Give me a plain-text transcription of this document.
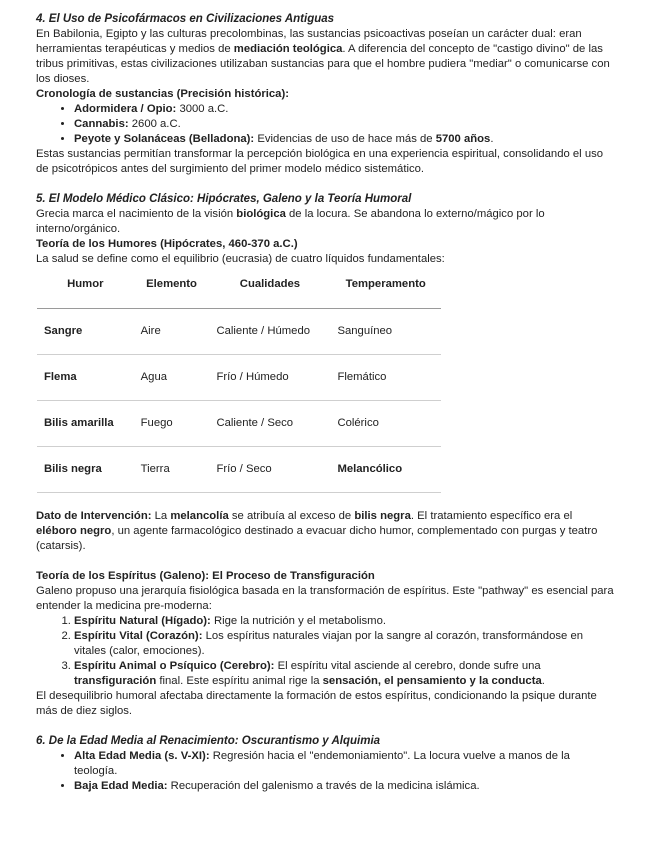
4. El Uso de Psicofármacos en Civilizaciones Antiguas

En Babilonia, Egipto y las culturas precolombinas, las sustancias psicoactivas poseían un carácter dual: eran herramientas terapéuticas y medios de mediación teológica. A diferencia del concepto de "castigo divino" de las tribus primitivas, estas civilizaciones utilizaban sustancias para que el hombre pudiera "mediar" o comunicarse con los dioses.

Cronología de sustancias (Precisión histórica):

• Adormidera / Opio: 3000 a.C.
• Cannabis: 2600 a.C.
• Peyote y Solanáceas (Belladona): Evidencias de uso de hace más de 5700 años.

Estas sustancias permitían transformar la percepción biológica en una experiencia espiritual, consolidando el uso de psicotrópicos antes del surgimiento del primer modelo médico sistemático.

5. El Modelo Médico Clásico: Hipócrates, Galeno y la Teoría Humoral

Grecia marca el nacimiento de la visión biológica de la locura. Se abandona lo externo/mágico por lo interno/orgánico.

Teoría de los Humores (Hipócrates, 460-370 a.C.)

La salud se define como el equilibrio (eucrasia) de cuatro líquidos fundamentales:

Humor	Elemento	Cualidades	Temperamento
Sangre	Aire	Caliente / Húmedo	Sanguíneo
Flema	Agua	Frío / Húmedo	Flemático
Bilis amarilla	Fuego	Caliente / Seco	Colérico
Bilis negra	Tierra	Frío / Seco	Melancólico

Dato de Intervención: La melancolía se atribuía al exceso de bilis negra. El tratamiento específico era el eléboro negro, un agente farmacológico destinado a evacuar dicho humor, complementado con purgas y teatro (catarsis).

Teoría de los Espíritus (Galeno): El Proceso de Transfiguración

Galeno propuso una jerarquía fisiológica basada en la transformación de espíritus. Este "pathway" es esencial para entender la medicina pre-moderna:

1. Espíritu Natural (Hígado): Rige la nutrición y el metabolismo.
2. Espíritu Vital (Corazón): Los espíritus naturales viajan por la sangre al corazón, transformándose en vitales (calor, emociones).
3. Espíritu Animal o Psíquico (Cerebro): El espíritu vital asciende al cerebro, donde sufre una transfiguración final. Este espíritu animal rige la sensación, el pensamiento y la conducta.

El desequilibrio humoral afectaba directamente la formación de estos espíritus, condicionando la psique durante más de diez siglos.

6. De la Edad Media al Renacimiento: Oscurantismo y Alquimia
• Alta Edad Media (s. V-XI): Regresión hacia el "endemoniamiento". La locura vuelve a manos de la teología.
• Baja Edad Media: Recuperación del galenismo a través de la medicina islámica.
